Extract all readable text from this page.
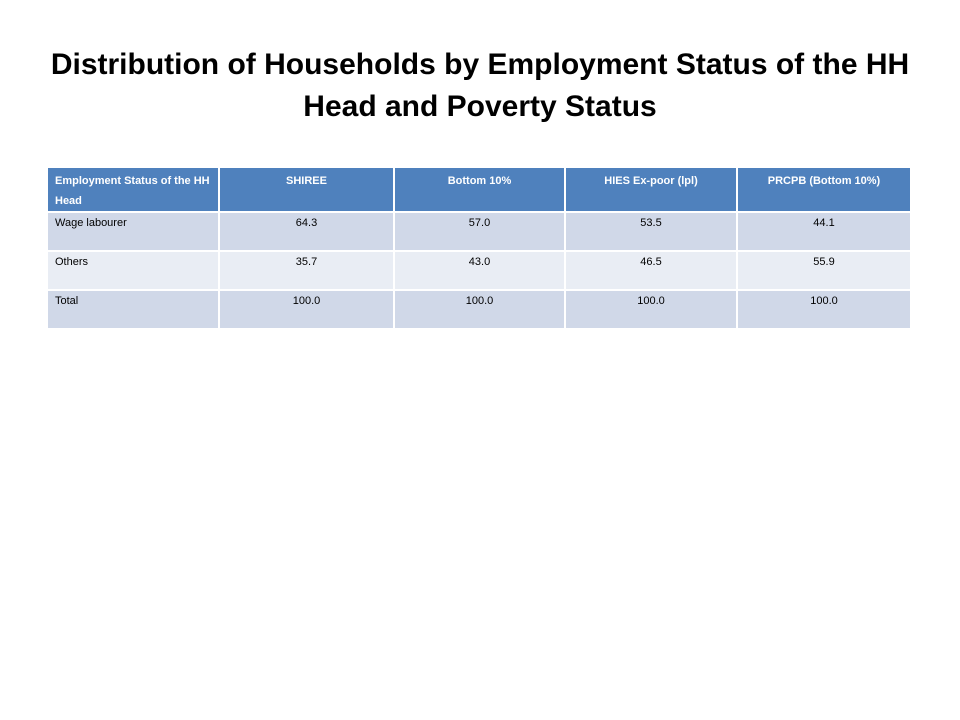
Distribution of Households by Employment Status of the HH Head and Poverty Status
Employment Status of the HH Head	SHIREE	Bottom 10%	HIES Ex-poor (lpl)	PRCPB (Bottom 10%)
Wage labourer	64.3	57.0	53.5	44.1
Others	35.7	43.0	46.5	55.9
Total	100.0	100.0	100.0	100.0
